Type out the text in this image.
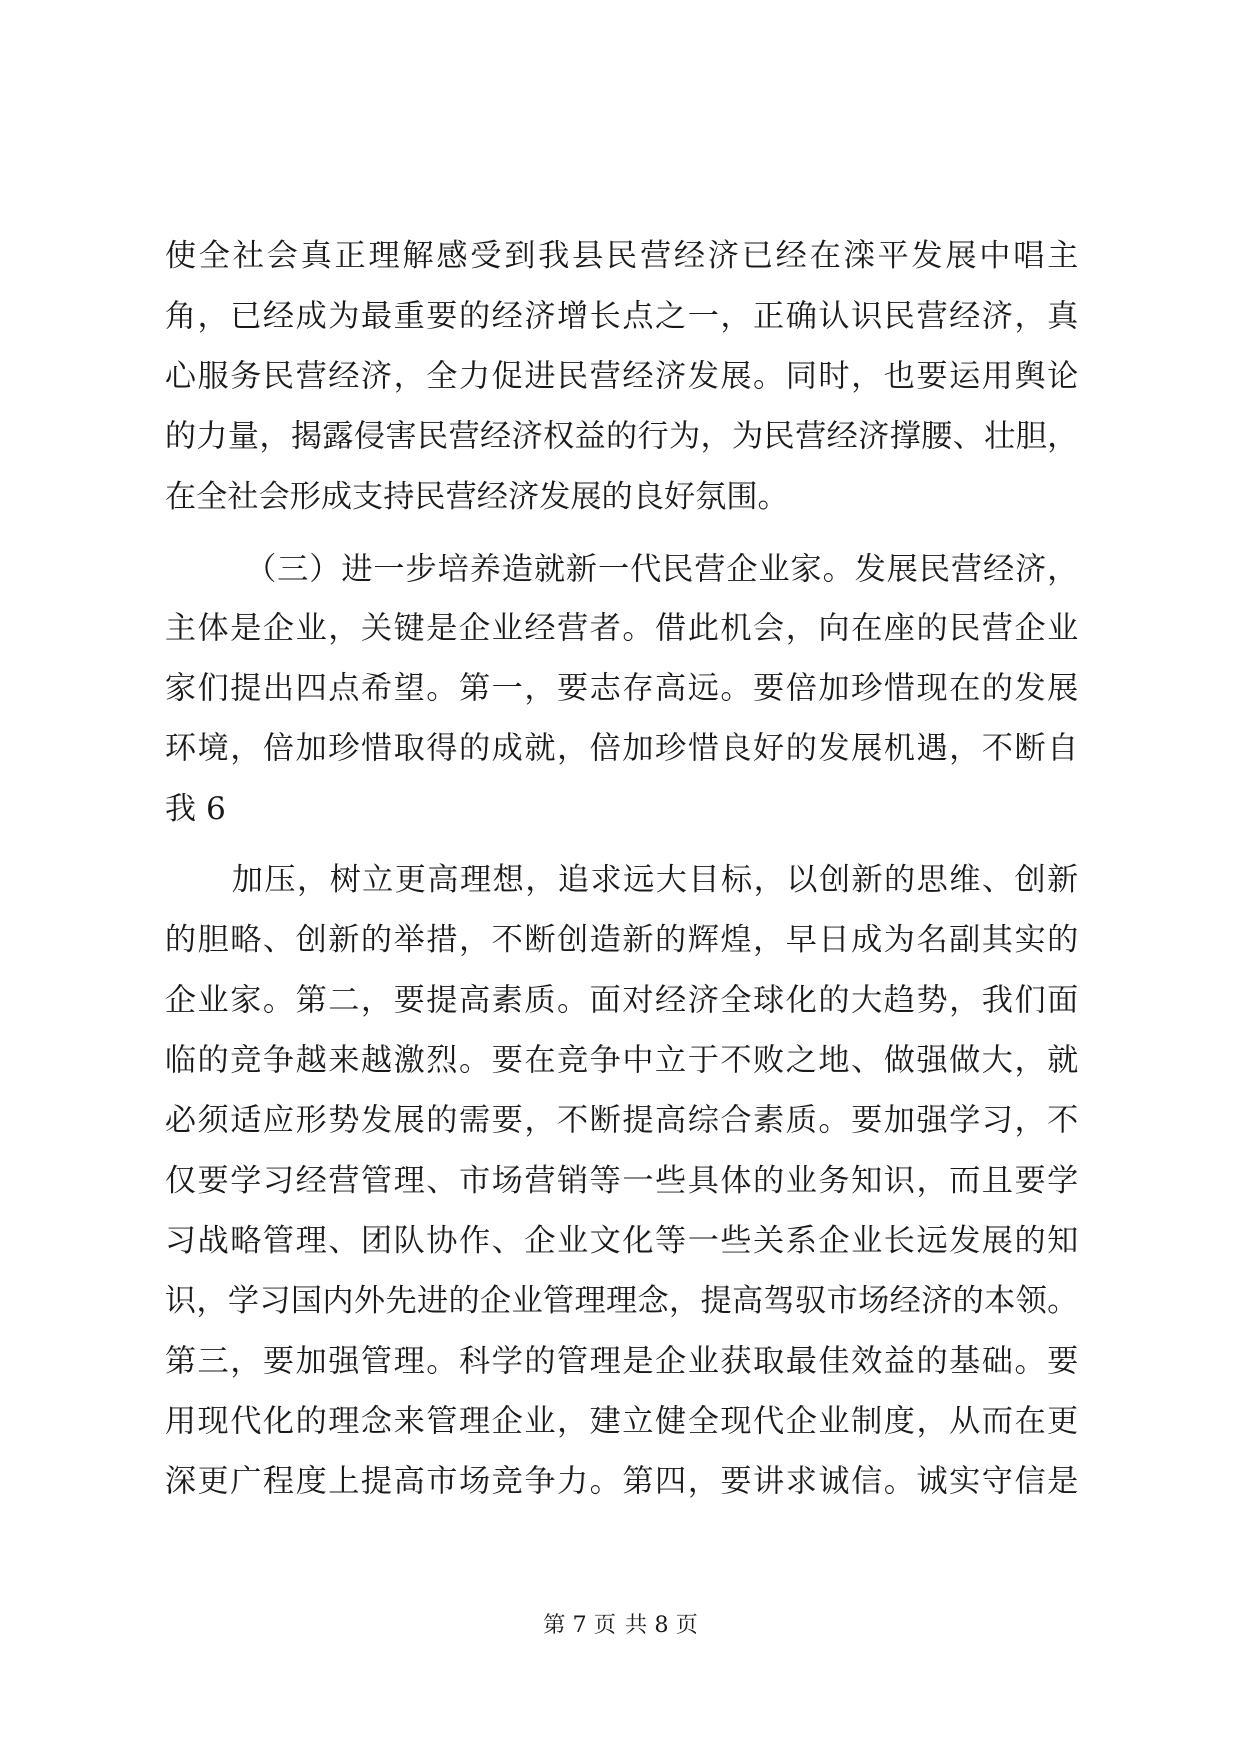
使全社会真正理解感受到我县民营经济已经在滦平发展中唱主
角，已经成为最重要的经济增长点之一，正确认识民营经济，真
心服务民营经济，全力促进民营经济发展。同时，也要运用舆论
的力量，揭露侵害民营经济权益的行为，为民营经济撑腰、壮胆，
在全社会形成支持民营经济发展的良好氛围。
（三）进一步培养造就新一代民营企业家。发展民营经济，
主体是企业，关键是企业经营者。借此机会，向在座的民营企业
家们提出四点希望。第一，要志存高远。要倍加珍惜现在的发展
环境，倍加珍惜取得的成就，倍加珍惜良好的发展机遇，不断自
我 6
加压，树立更高理想，追求远大目标，以创新的思维、创新
的胆略、创新的举措，不断创造新的辉煌，早日成为名副其实的
企业家。第二，要提高素质。面对经济全球化的大趋势，我们面
临的竞争越来越激烈。要在竞争中立于不败之地、做强做大，就
必须适应形势发展的需要，不断提高综合素质。要加强学习，不
仅要学习经营管理、市场营销等一些具体的业务知识，而且要学
习战略管理、团队协作、企业文化等一些关系企业长远发展的知
识，学习国内外先进的企业管理理念，提高驾驭市场经济的本领。
第三，要加强管理。科学的管理是企业获取最佳效益的基础。要
用现代化的理念来管理企业，建立健全现代企业制度，从而在更
深更广程度上提高市场竞争力。第四，要讲求诚信。诚实守信是
第 7 页 共 8 页
